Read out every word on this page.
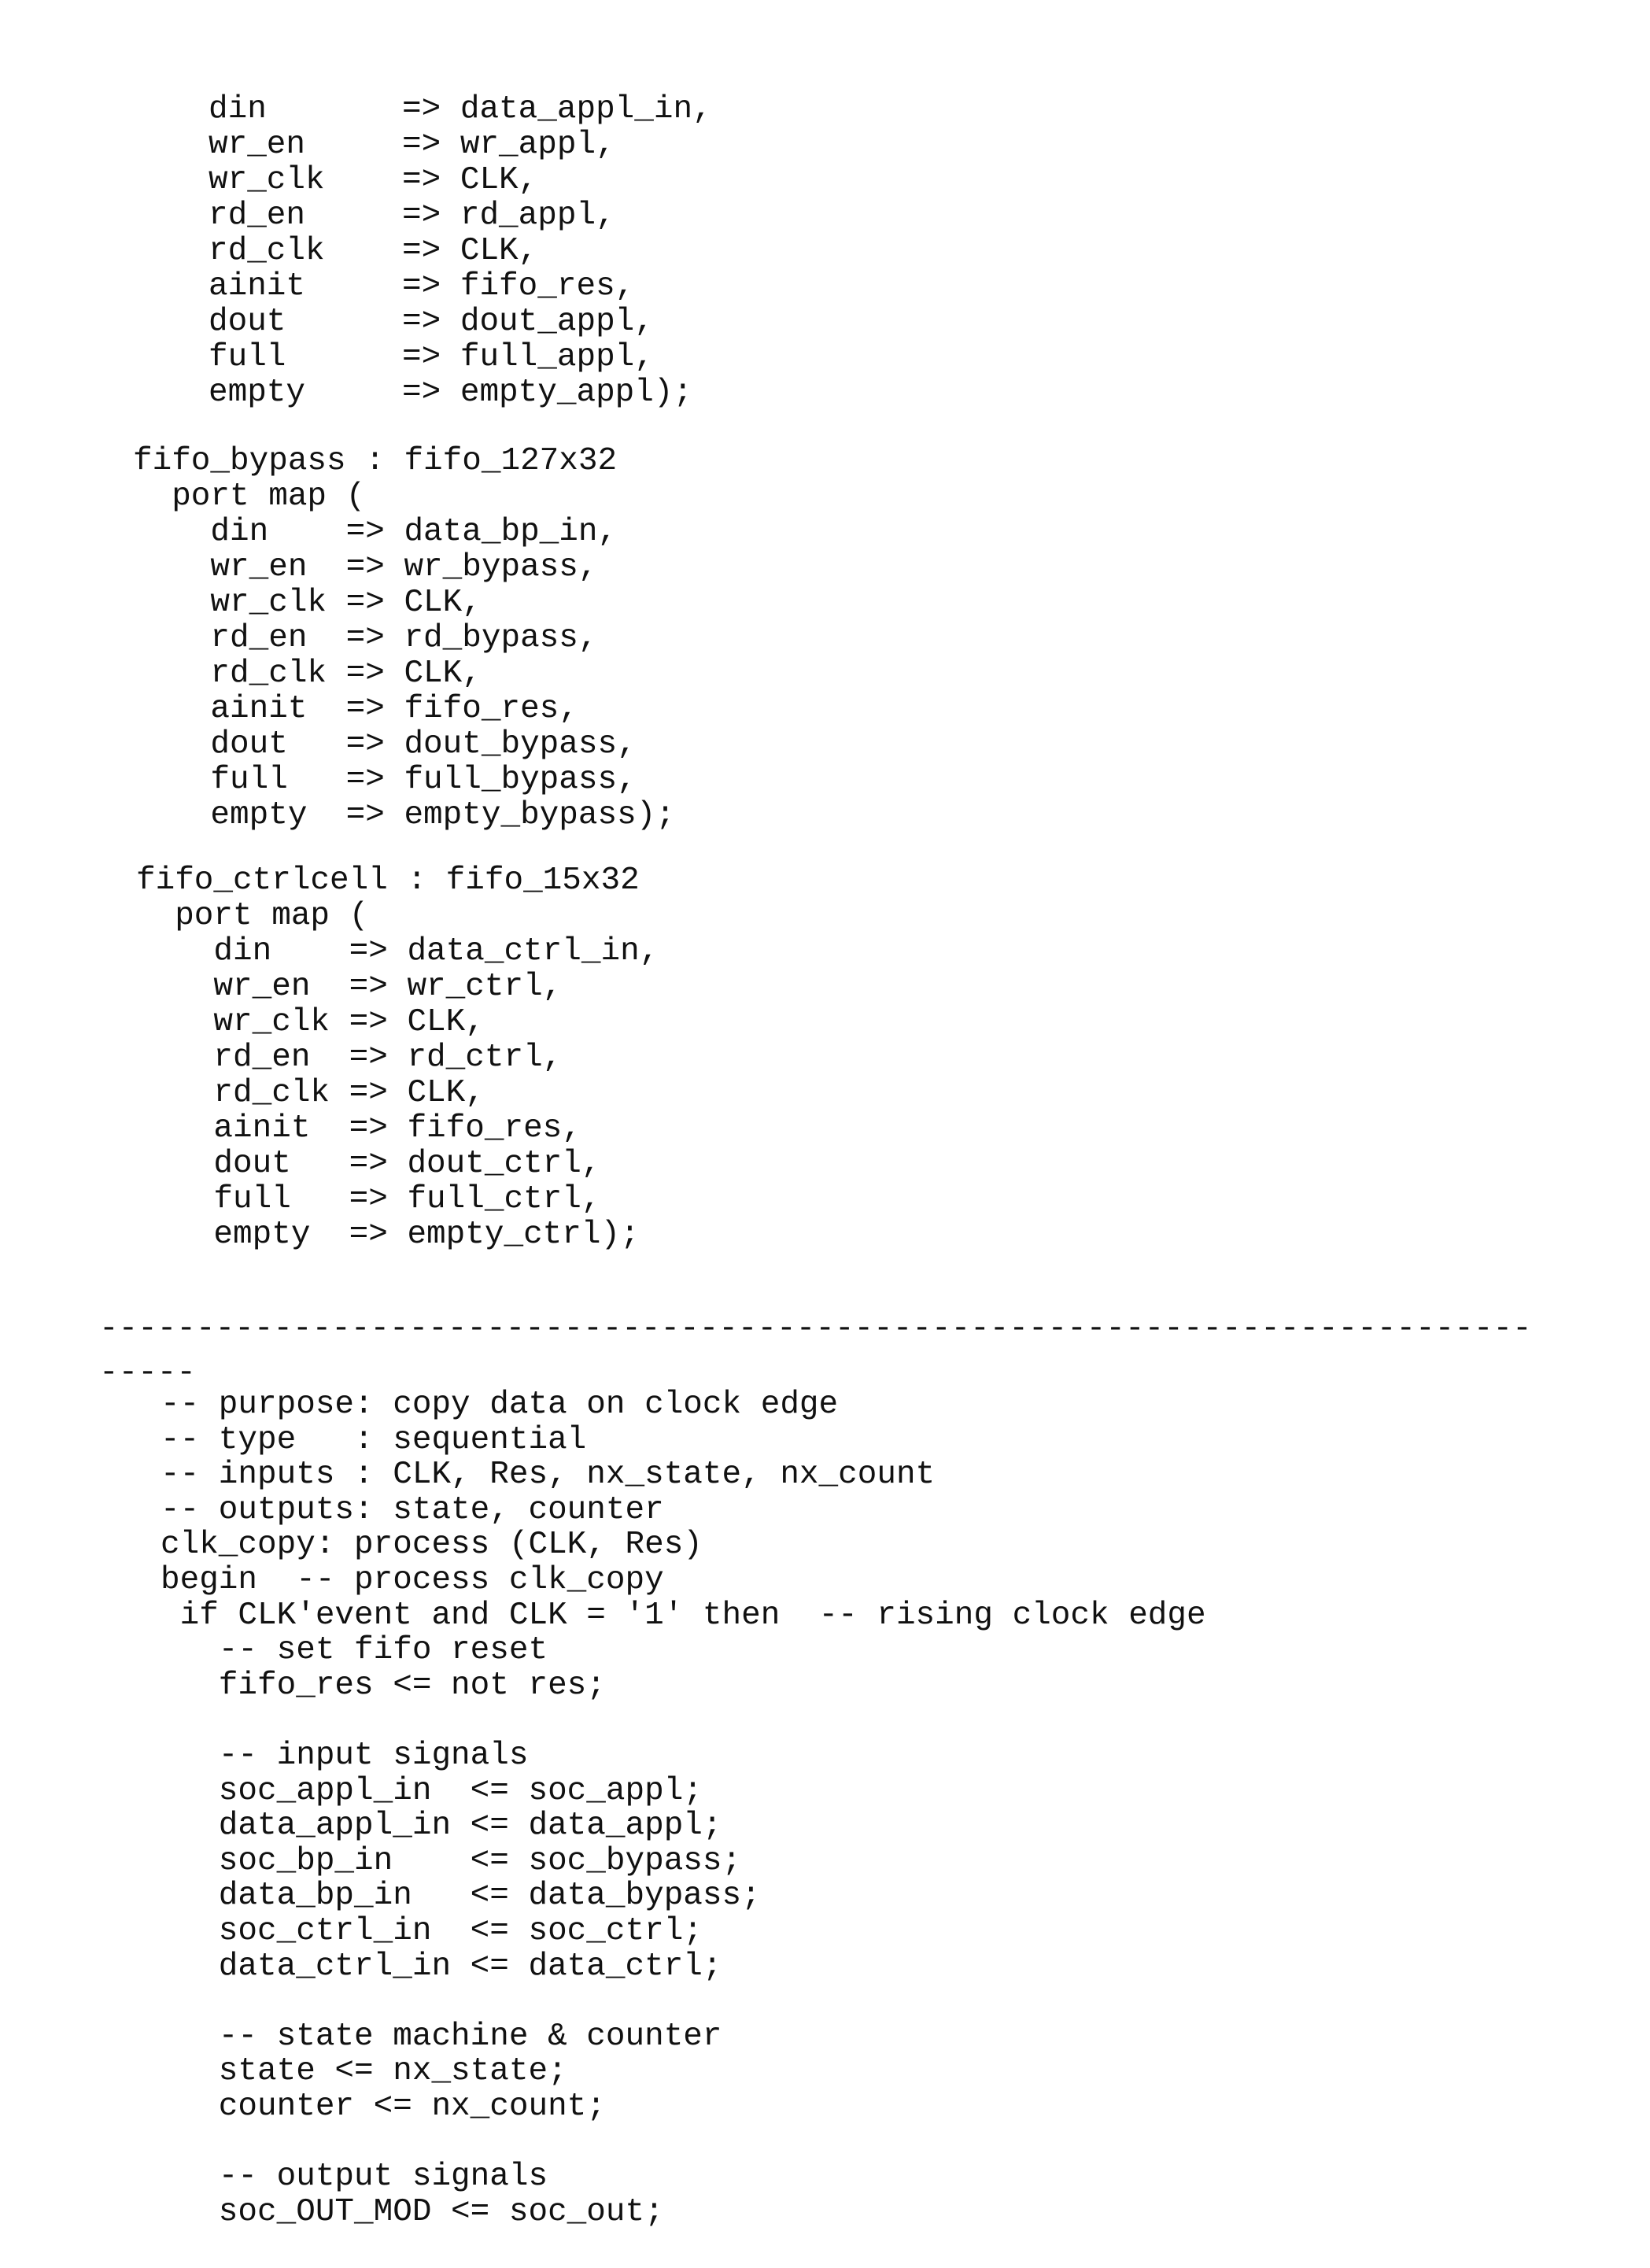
din       => data_appl_in,
wr_en     => wr_appl,
wr_clk    => CLK,
rd_en     => rd_appl,
rd_clk    => CLK,
ainit     => fifo_res,
dout      => dout_appl,
full      => full_appl,
empty     => empty_appl);
fifo_bypass : fifo_127x32
port map (
din    => data_bp_in,
wr_en  => wr_bypass,
wr_clk => CLK,
rd_en  => rd_bypass,
rd_clk => CLK,
ainit  => fifo_res,
dout   => dout_bypass,
full   => full_bypass,
empty  => empty_bypass);
fifo_ctrlcell : fifo_15x32
port map (
din    => data_ctrl_in,
wr_en  => wr_ctrl,
wr_clk => CLK,
rd_en  => rd_ctrl,
rd_clk => CLK,
ainit  => fifo_res,
dout   => dout_ctrl,
full   => full_ctrl,
empty  => empty_ctrl);
--------------------------------------------------------------------------
-----
-- purpose: copy data on clock edge
-- type   : sequential
-- inputs : CLK, Res, nx_state, nx_count
-- outputs: state, counter
clk_copy: process (CLK, Res)
begin  -- process clk_copy
if CLK'event and CLK = '1' then  -- rising clock edge
-- set fifo reset
fifo_res <= not res;
-- input signals
soc_appl_in  <= soc_appl;
data_appl_in <= data_appl;
soc_bp_in    <= soc_bypass;
data_bp_in   <= data_bypass;
soc_ctrl_in  <= soc_ctrl;
data_ctrl_in <= data_ctrl;
-- state machine & counter
state <= nx_state;
counter <= nx_count;
-- output signals
soc_OUT_MOD <= soc_out;
